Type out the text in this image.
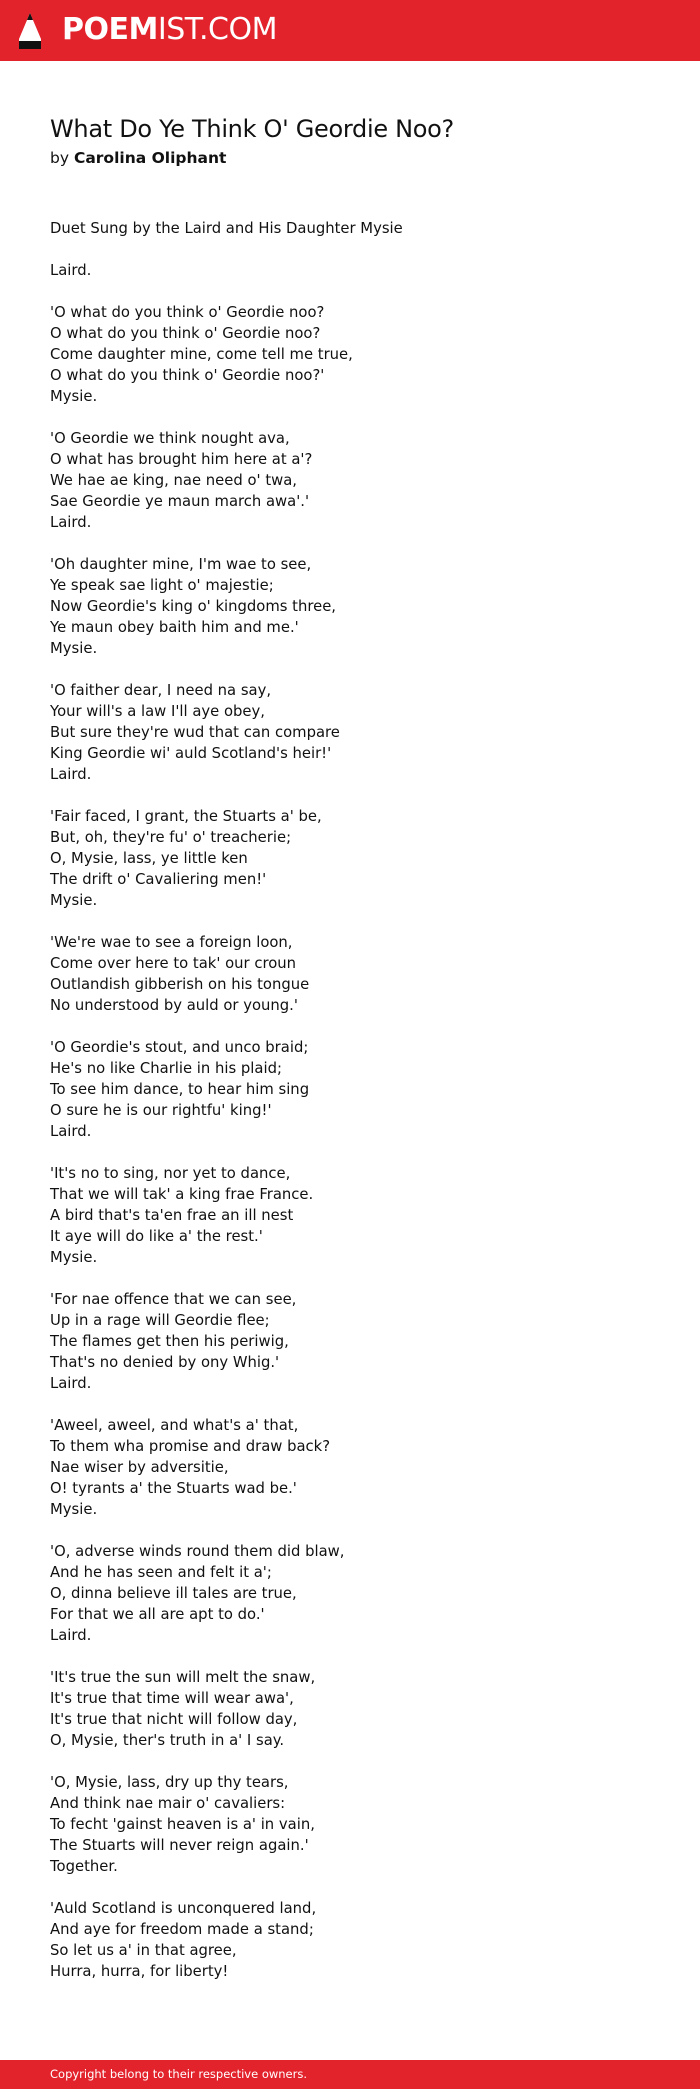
POEMIST.COM
What Do Ye Think O' Geordie Noo?
by Carolina Oliphant
Duet Sung by the Laird and His Daughter Mysie
Laird.
'O what do you think o' Geordie noo?
O what do you think o' Geordie noo?
Come daughter mine, come tell me true,
O what do you think o' Geordie noo?'
Mysie.
'O Geordie we think nought ava,
O what has brought him here at a'?
We hae ae king, nae need o' twa,
Sae Geordie ye maun march awa'.'
Laird.
'Oh daughter mine, I'm wae to see,
Ye speak sae light o' majestie;
Now Geordie's king o' kingdoms three,
Ye maun obey baith him and me.'
Mysie.
'O faither dear, I need na say,
Your will's a law I'll aye obey,
But sure they're wud that can compare
King Geordie wi' auld Scotland's heir!'
Laird.
'Fair faced, I grant, the Stuarts a' be,
But, oh, they're fu' o' treacherie;
O, Mysie, lass, ye little ken
The drift o' Cavaliering men!'
Mysie.
'We're wae to see a foreign loon,
Come over here to tak' our croun
Outlandish gibberish on his tongue
No understood by auld or young.'
'O Geordie's stout, and unco braid;
He's no like Charlie in his plaid;
To see him dance, to hear him sing
O sure he is our rightfu' king!'
Laird.
'It's no to sing, nor yet to dance,
That we will tak' a king frae France.
A bird that's ta'en frae an ill nest
It aye will do like a' the rest.'
Mysie.
'For nae offence that we can see,
Up in a rage will Geordie flee;
The flames get then his periwig,
That's no denied by ony Whig.'
Laird.
'Aweel, aweel, and what's a' that,
To them wha promise and draw back?
Nae wiser by adversitie,
O! tyrants a' the Stuarts wad be.'
Mysie.
'O, adverse winds round them did blaw,
And he has seen and felt it a';
O, dinna believe ill tales are true,
For that we all are apt to do.'
Laird.
'It's true the sun will melt the snaw,
It's true that time will wear awa',
It's true that nicht will follow day,
O, Mysie, ther's truth in a' I say.
'O, Mysie, lass, dry up thy tears,
And think nae mair o' cavaliers:
To fecht 'gainst heaven is a' in vain,
The Stuarts will never reign again.'
Together.
'Auld Scotland is unconquered land,
And aye for freedom made a stand;
So let us a' in that agree,
Hurra, hurra, for liberty!
Copyright belong to their respective owners.
